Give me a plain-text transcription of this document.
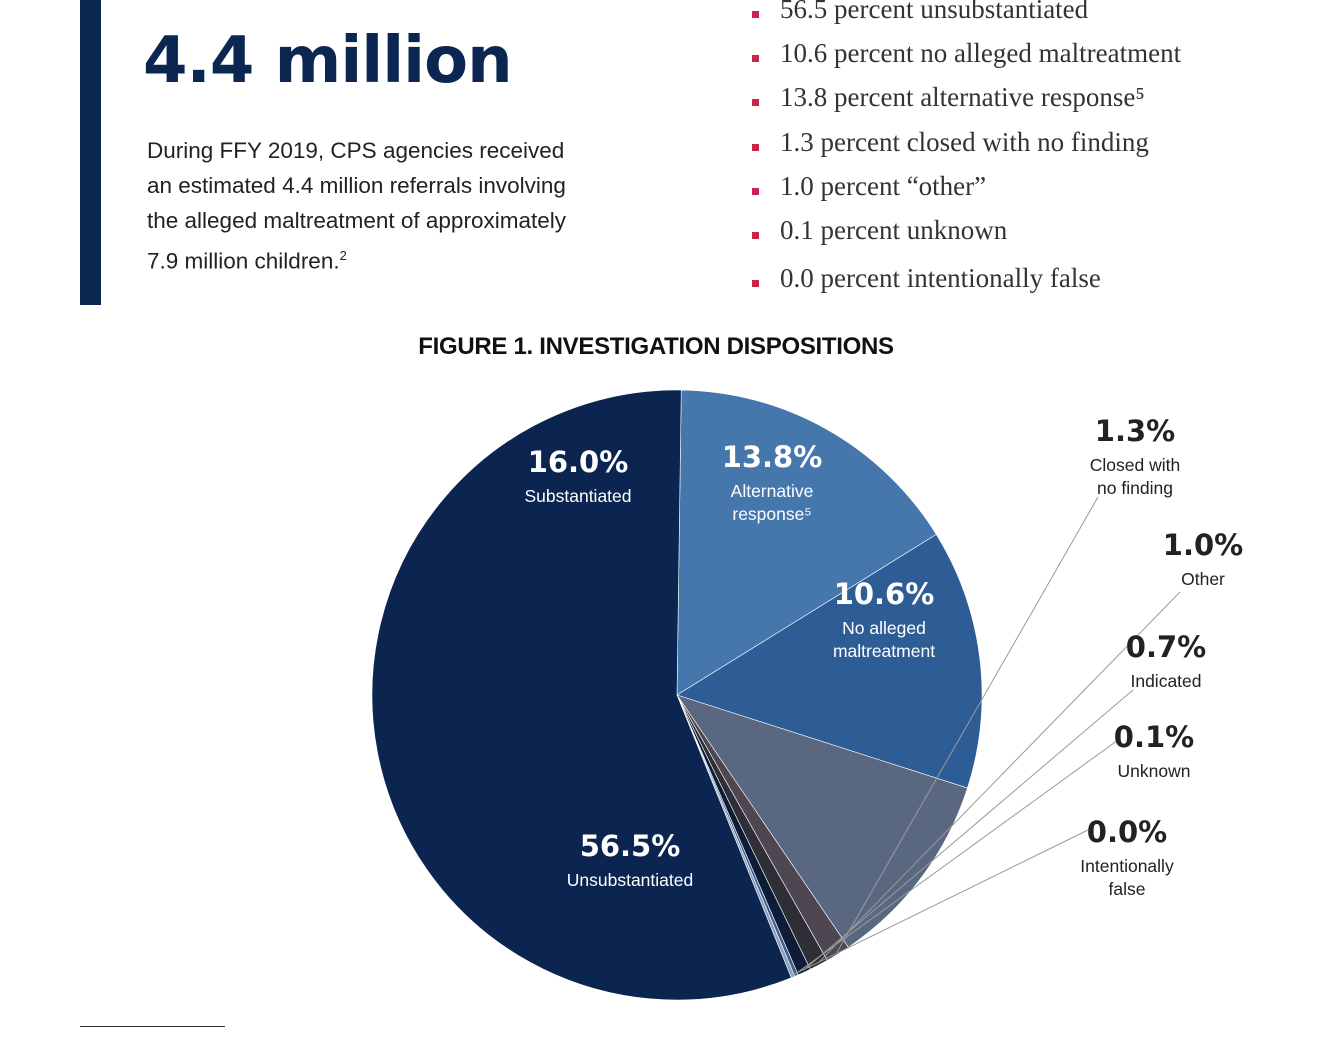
4.4 million

During FFY 2019, CPS agencies received an estimated 4.4 million referrals involving the alleged maltreatment of approximately 7.9 million children.$^2$

56.5 percent unsubstantiated
10.6 percent no alleged maltreatment
13.8 percent alternative response⁵
1.3 percent closed with no finding
1.0 percent “other”
0.1 percent unknown
0.0 percent intentionally false
FIGURE 1. INVESTIGATION DISPOSITIONS
16.0%
Substantiated
13.8%
Alternative
response⁵
10.6%
No alleged
maltreatment
1.3%
Closed with
no finding
1.0%
Other
0.7%
Indicated
0.1%
Unknown
0.0%
Intentionally
false
56.5%
Unsubstantiated
